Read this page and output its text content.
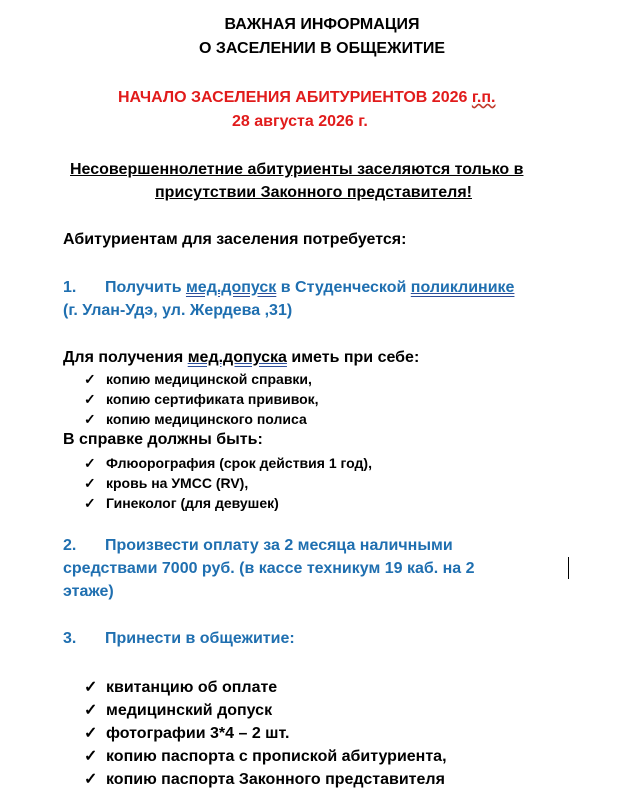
ВАЖНАЯ ИНФОРМАЦИЯ
О ЗАСЕЛЕНИИ В ОБЩЕЖИТИЕ
НАЧАЛО ЗАСЕЛЕНИЯ АБИТУРИЕНТОВ 2026 г.п.
28 августа 2026 г.
Несовершеннолетние абитуриенты заселяются только в
присутствии Законного представителя!
Абитуриентам для заселения потребуется:
1. Получить мед.допуск в Студенческой поликлинике
(г. Улан-Удэ, ул. Жердева ,31)
Для получения мед.допуска иметь при себе:
✓ копию медицинской справки,
✓ копию сертификата прививок,
✓ копию медицинского полиса
В справке должны быть:
✓ Флюорография (срок действия 1 год),
✓ кровь на УМСС (RV),
✓ Гинеколог (для девушек)
2. Произвести оплату за 2 месяца наличными
средствами 7000 руб. (в кассе техникум 19 каб. на 2
этаже)
3. Принести в общежитие:
✓ квитанцию об оплате
✓ медицинский допуск
✓ фотографии 3*4 – 2 шт.
✓ копию паспорта с пропиской абитуриента,
✓ копию паспорта Законного представителя
